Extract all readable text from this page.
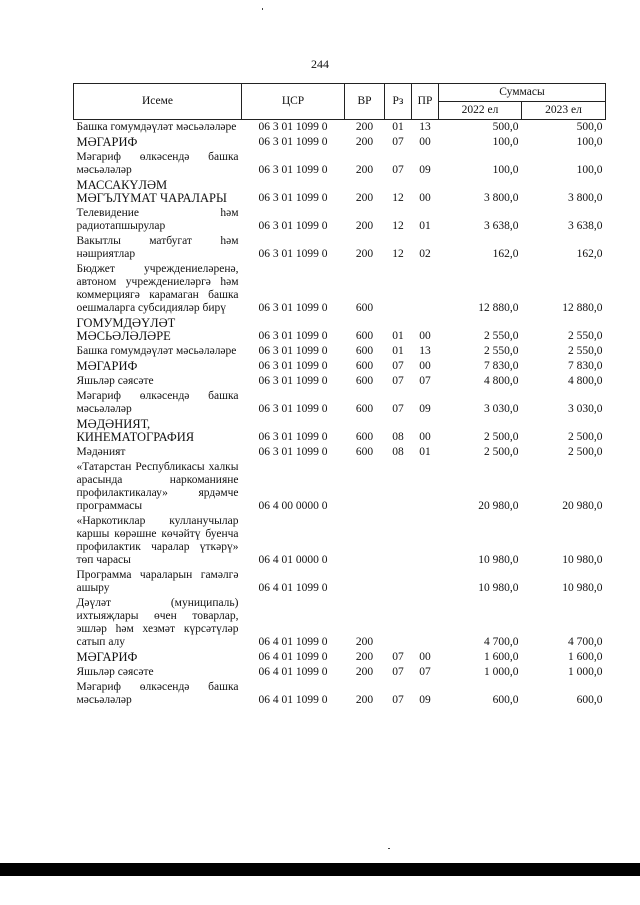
244
Исеме	ЦСР	ВР	Рз	ПР	Суммасы	
					2022 ел	2023 ел
Башка гомумдәүләт мәсьәләләре	06 3 01 1099 0	200	01	13	500,0	500,0
МӘГАРИФ	06 3 01 1099 0	200	07	00	100,0	100,0
Мәгариф өлкәсендә башка мәсьәләләр	06 3 01 1099 0	200	07	09	100,0	100,0
МАССАКҮЛӘМ МӘГЪЛҮМАТ ЧАРАЛАРЫ	06 3 01 1099 0	200	12	00	3 800,0	3 800,0
Телевидение һәм радиотапшырулар	06 3 01 1099 0	200	12	01	3 638,0	3 638,0
Вакытлы матбугат һәм нәшриятлар	06 3 01 1099 0	200	12	02	162,0	162,0
Бюджет учреждениеләренә, автоном учреждениеләргә һәм коммерциягә карамаган башка оешмаларга субсидияләр бирү	06 3 01 1099 0	600			12 880,0	12 880,0
ГОМУМДӘҮЛӘТ МӘСЬӘЛӘЛӘРЕ	06 3 01 1099 0	600	01	00	2 550,0	2 550,0
Башка гомумдәүләт мәсьәләләре	06 3 01 1099 0	600	01	13	2 550,0	2 550,0
МӘГАРИФ	06 3 01 1099 0	600	07	00	7 830,0	7 830,0
Яшьләр сәясәте	06 3 01 1099 0	600	07	07	4 800,0	4 800,0
Мәгариф өлкәсендә башка мәсьәләләр	06 3 01 1099 0	600	07	09	3 030,0	3 030,0
МӘДӘНИЯТ, КИНЕМАТОГРАФИЯ	06 3 01 1099 0	600	08	00	2 500,0	2 500,0
Мәдәният	06 3 01 1099 0	600	08	01	2 500,0	2 500,0
«Татарстан Республикасы халкы арасында наркоманияне профилактикалау» ярдәмче программасы	06 4 00 0000 0				20 980,0	20 980,0
«Наркотиклар кулланучылар каршы көрәшне көчәйтү буенча профилактик чаралар үткәрү» төп чарасы	06 4 01 0000 0				10 980,0	10 980,0
Программа чараларын гамәлгә ашыру	06 4 01 1099 0				10 980,0	10 980,0
Дәүләт (муниципаль) ихтыяҗлары өчен товарлар, эшләр һәм хезмәт күрсәтүләр сатып алу	06 4 01 1099 0	200			4 700,0	4 700,0
МӘГАРИФ	06 4 01 1099 0	200	07	00	1 600,0	1 600,0
Яшьләр сәясәте	06 4 01 1099 0	200	07	07	1 000,0	1 000,0
Мәгариф өлкәсендә башка мәсьәләләр	06 4 01 1099 0	200	07	09	600,0	600,0
